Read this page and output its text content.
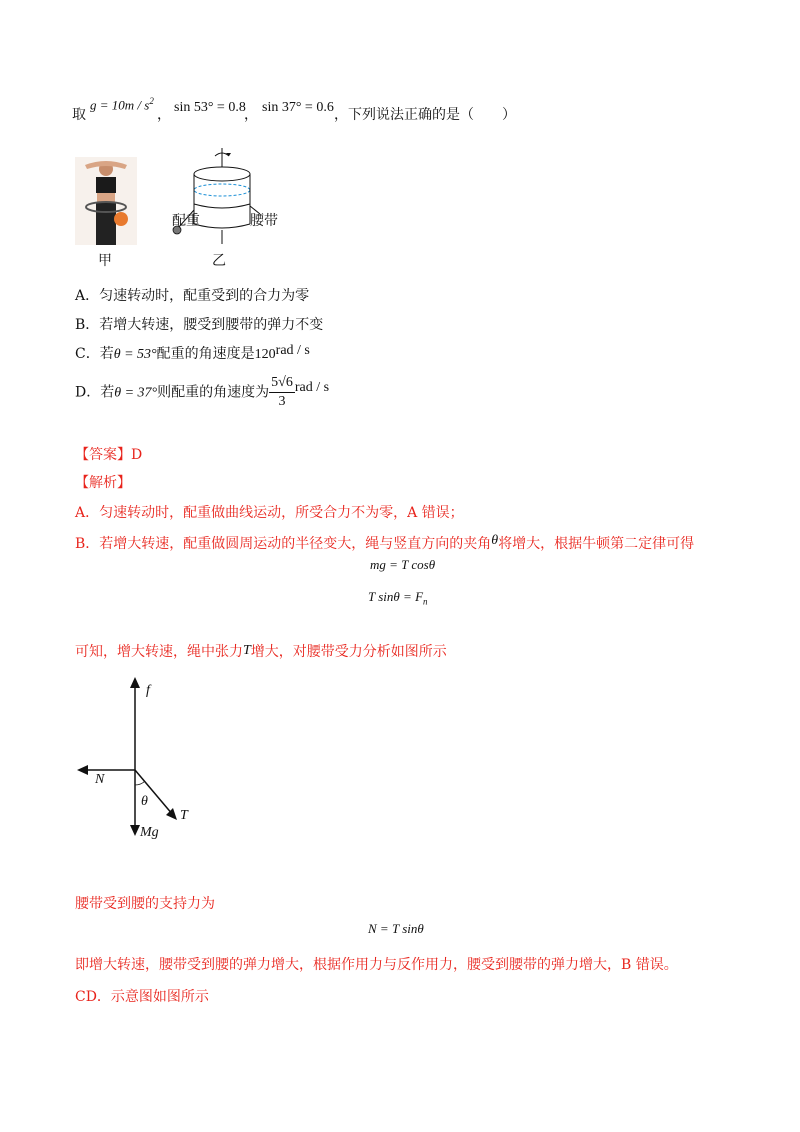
取
$g = 10m / s^2$
， sin 53° = 0.8
， sin 37° = 0.6 ，下列说法正确的是（　　）
甲
配重	腰带
乙
A．匀速转动时，配重受到的合力为零
B．若增大转速，腰受到腰带的弹力不变
C．若θ = 53°配重的角速度是120rad / s
D．若θ = 37°则配重的角速度为 $\frac{5√6}{3}$ rad / s
【答案】D
【解析】
A．匀速转动时，配重做曲线运动，所受合力不为零，A 错误；
B．若增大转速，配重做圆周运动的半径变大，绳与竖直方向的夹角θ将增大，根据牛顿第二定律可得
mg = T cosθ
T $\sin\theta = F_n$
可知，增大转速，绳中张力T增大，对腰带受力分析如图所示
f
N
θ
T
Mg
腰带受到腰的支持力为
N = T sinθ
即增大转速，腰带受到腰的弹力增大，根据作用力与反作用力，腰受到腰带的弹力增大，B 错误。
CD．示意图如图所示
